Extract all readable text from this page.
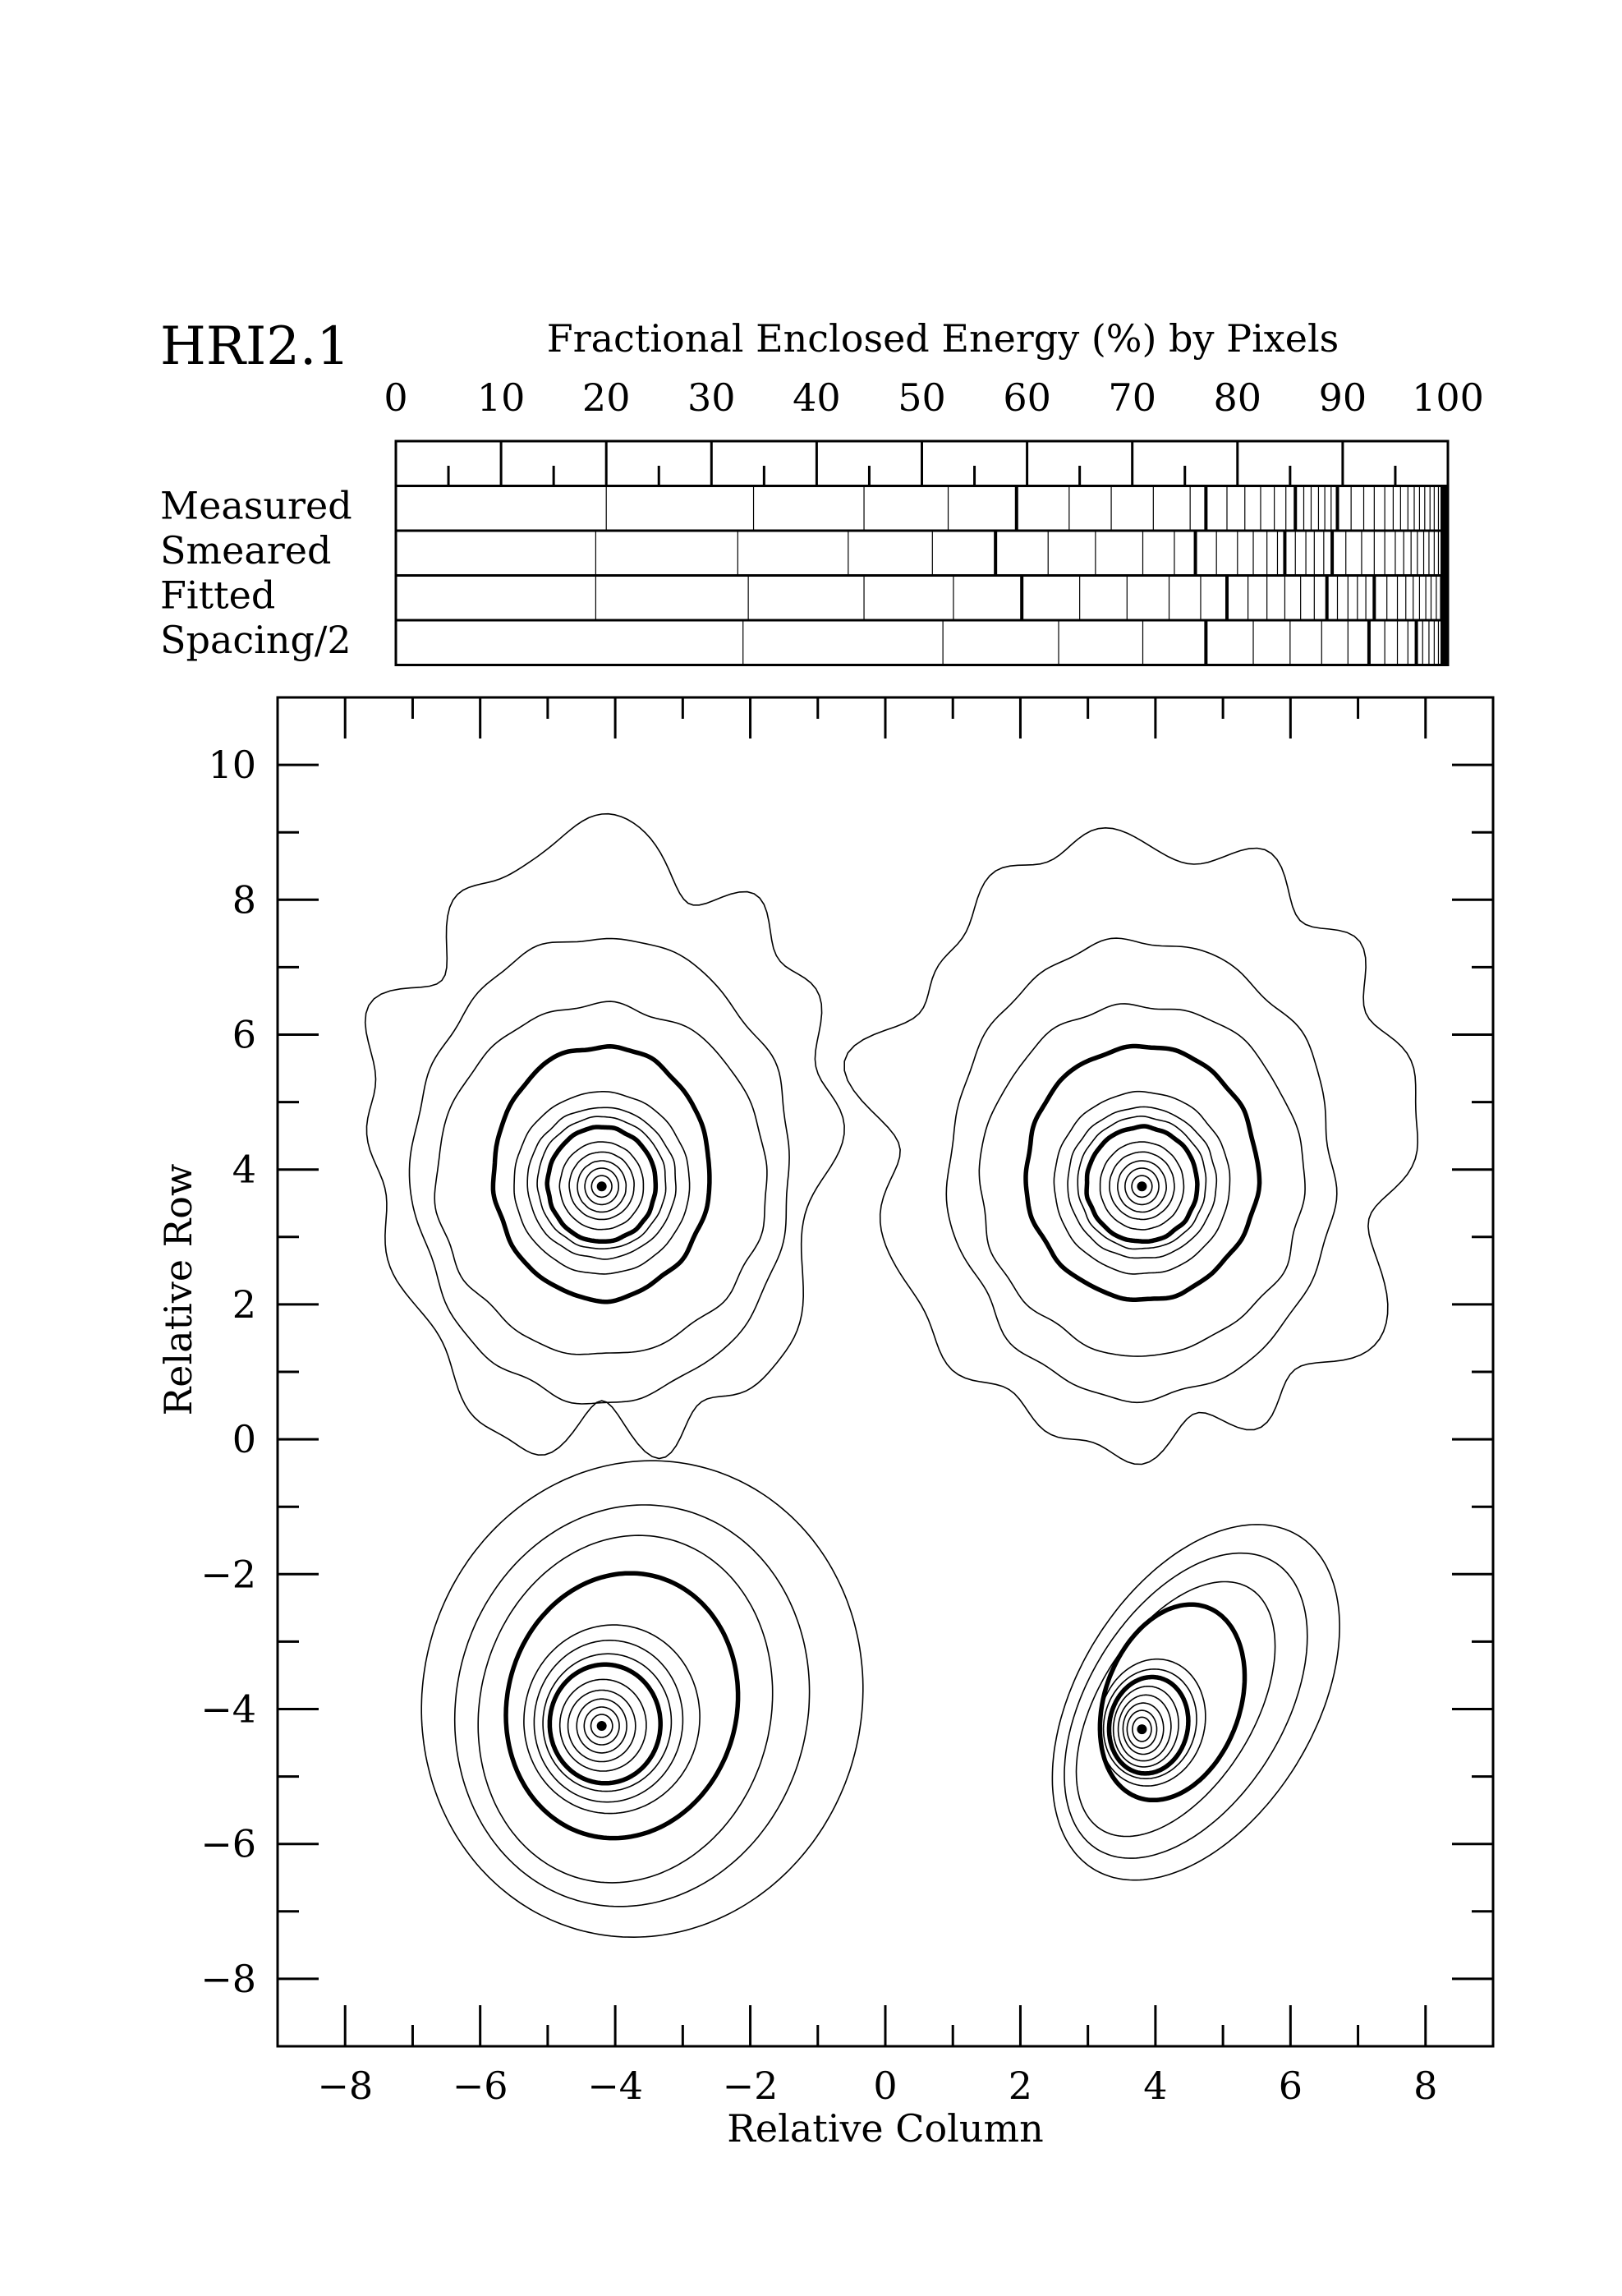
HRI2.1	Fractional Enclosed Energy (%) by Pixels
0 10 20 30 40 50 60 70 80 90 100
Measured
Smeared
Fitted
Spacing/2
−8 −6 −4 −2	0	2	4	6	8
10
8
6
4
2
0
−2
−4
−6
−8
Relative Column
Relative Row
